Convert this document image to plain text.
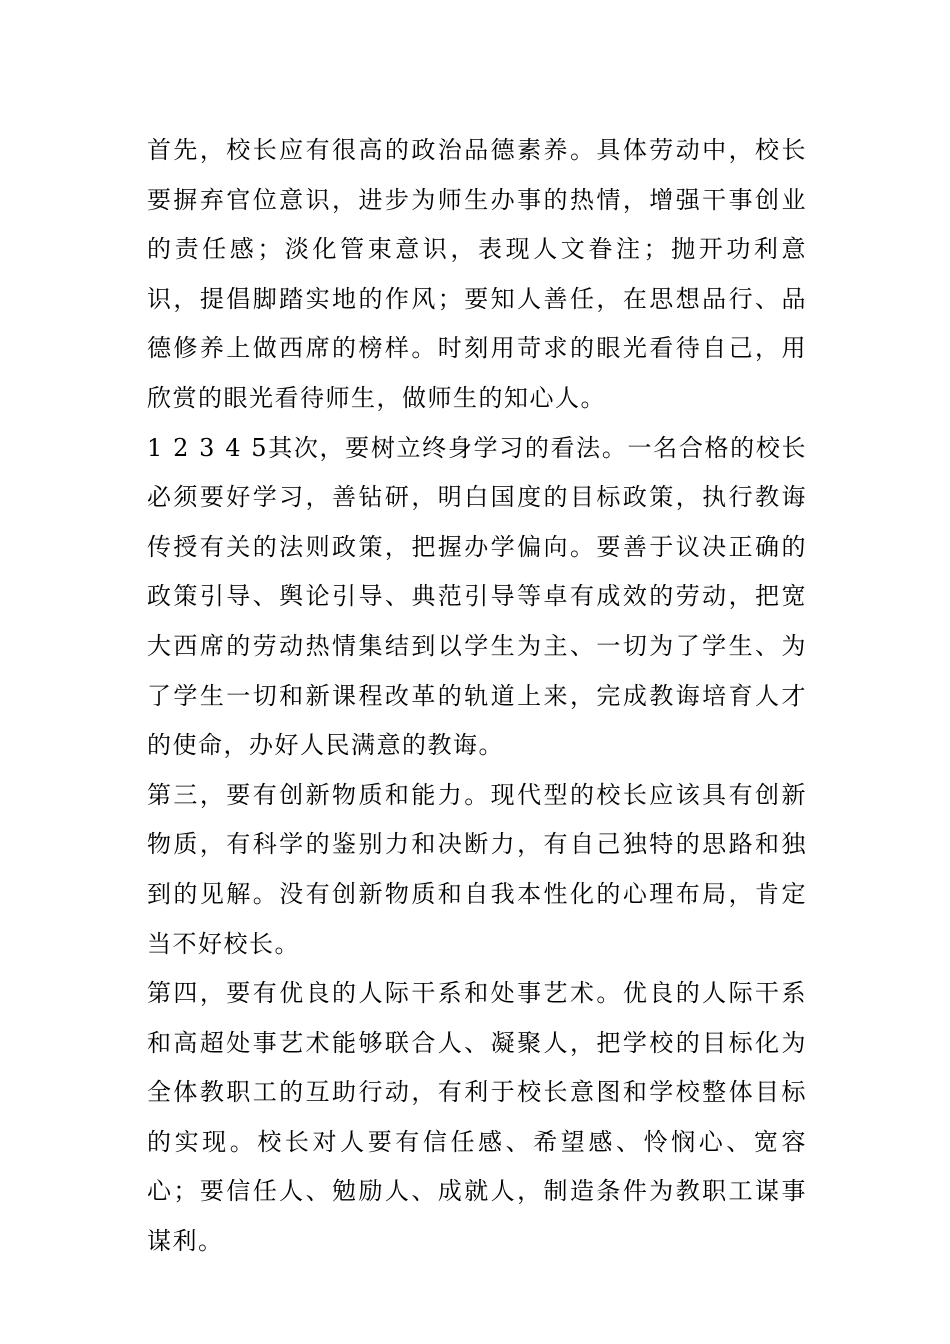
首先，校长应有很高的政治品德素养。具体劳动中，校长要摒弃官位意识，进步为师生办事的热情，增强干事创业的责任感；淡化管束意识，表现人文眷注；抛开功利意识，提倡脚踏实地的作风；要知人善任，在思想品行、品德修养上做西席的榜样。时刻用苛求的眼光看待自己，用欣赏的眼光看待师生，做师生的知心人。

1 2 3 4 5其次，要树立终身学习的看法。一名合格的校长必须要好学习，善钻研，明白国度的目标政策，执行教诲传授有关的法则政策，把握办学偏向。要善于议决正确的政策引导、舆论引导、典范引导等卓有成效的劳动，把宽大西席的劳动热情集结到以学生为主、一切为了学生、为了学生一切和新课程改革的轨道上来，完成教诲培育人才的使命，办好人民满意的教诲。

第三，要有创新物质和能力。现代型的校长应该具有创新物质，有科学的鉴别力和决断力，有自己独特的思路和独到的见解。没有创新物质和自我本性化的心理布局，肯定当不好校长。

第四，要有优良的人际干系和处事艺术。优良的人际干系和高超处事艺术能够联合人、凝聚人，把学校的目标化为全体教职工的互助行动，有利于校长意图和学校整体目标的实现。校长对人要有信任感、希望感、怜悯心、宽容心；要信任人、勉励人、成就人，制造条件为教职工谋事谋利。
